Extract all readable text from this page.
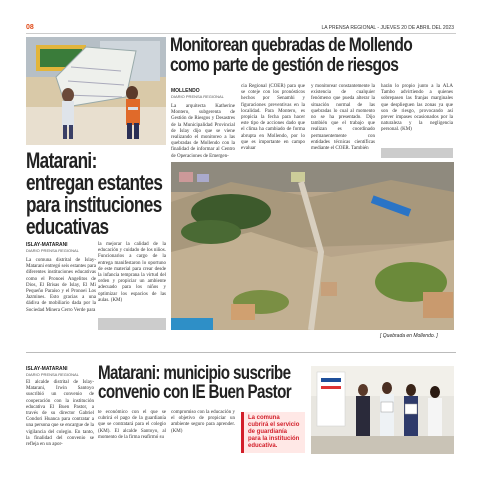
08	LA PRENSA REGIONAL - JUEVES 20 DE ABRIL DEL 2023
Monitorean quebradas de Mollendo
como parte de gestión de riesgos
MOLLENDO
DIARIO PRENSA REGIONAL
La arquitecta Katherine Montero, subgerenta de Gestión de Riesgos y Desastres de la Municipalidad Provincial de Islay dijo que se viene realizando el monitoreo a las quebradas de Mollendo con la finalidad de informar al Centro de Operaciones de Emergen-
cia Regional (COER) para que se coteje con los pronósticos hechos por Senamhi y figuraciones preventivas en la localidad. Para Montero, es propicia la fecha para hacer este tipo de acciones dado que el clima ha cambiado de forma abrupta en Mollendo, por lo que es importante en campo evaluar
y monitorear constantemente la existencia de cualquier fenómeno que pueda alterar la situación normal de las quebradas lo cual al momento no se ha presentado. Dijo también que el trabajo que realizan es coordinado permanentemente con entidades técnicas científicas mediante el COER. También
harán lo propio junto a la ALA Tambo advirtiendo a quienes sobrepasen las franjas marginales que desplieguen las zonas ya que son de riesgo, provocando así prever impases ocasionados por la naturaleza y la negligencia personal. (KM)
[ Quebrada en Mollendo. ]
Matarani:
entregan estantes
para instituciones
educativas
ISLAY-MATARANI
DIARIO PRENSA REGIONAL
La comuna distrital de Islay-Matarani entregó seis estantes para diferentes instituciones educativas como el Pronoei Angelitos de Dios, El Brisas de Islay, El Mi Pequeño Paraíso y el Pronoei Los Jazmines. Esto gracias a una dádiva de mobiliario dada por la Sociedad Minera Cerro Verde para
la mejorar la calidad de la educación y cuidado de los niños. Funcionarios a cargo de la entrega manifestaron lo oportuno de este material para crear desde la infancia tempranа la virtud del orden y propiciar un ambiente adecuado para los niños y optimizar los espacios de las aulas. (KM)
Matarani: municipio suscribe
convenio con IE Buen Pastor
ISLAY-MATARANI
DIARIO PRENSA REGIONAL
El alcalde distrital de Islay-Matarani, Irwin Santoyo suscribió un convenio de cooperación con la institución educativa El Buen Pastor, a través de su director Gabriel Condori Huanca para contratar a una persona que se encargue de la vigilancia del colegio. En tanto, la finalidad del convenio se refleja en un apor-
te económico con el que se cubrirá el pago de la guardianía que se contratará para el colegio (KM). El alcalde Santoyo, al momento de la firma reafirmó su
compromiso con la educación y el objetivo de propiciar un ambiente seguro para aprender. (KM)
La comuna cubrirá el servicio de guardianía para la institución educativa.
